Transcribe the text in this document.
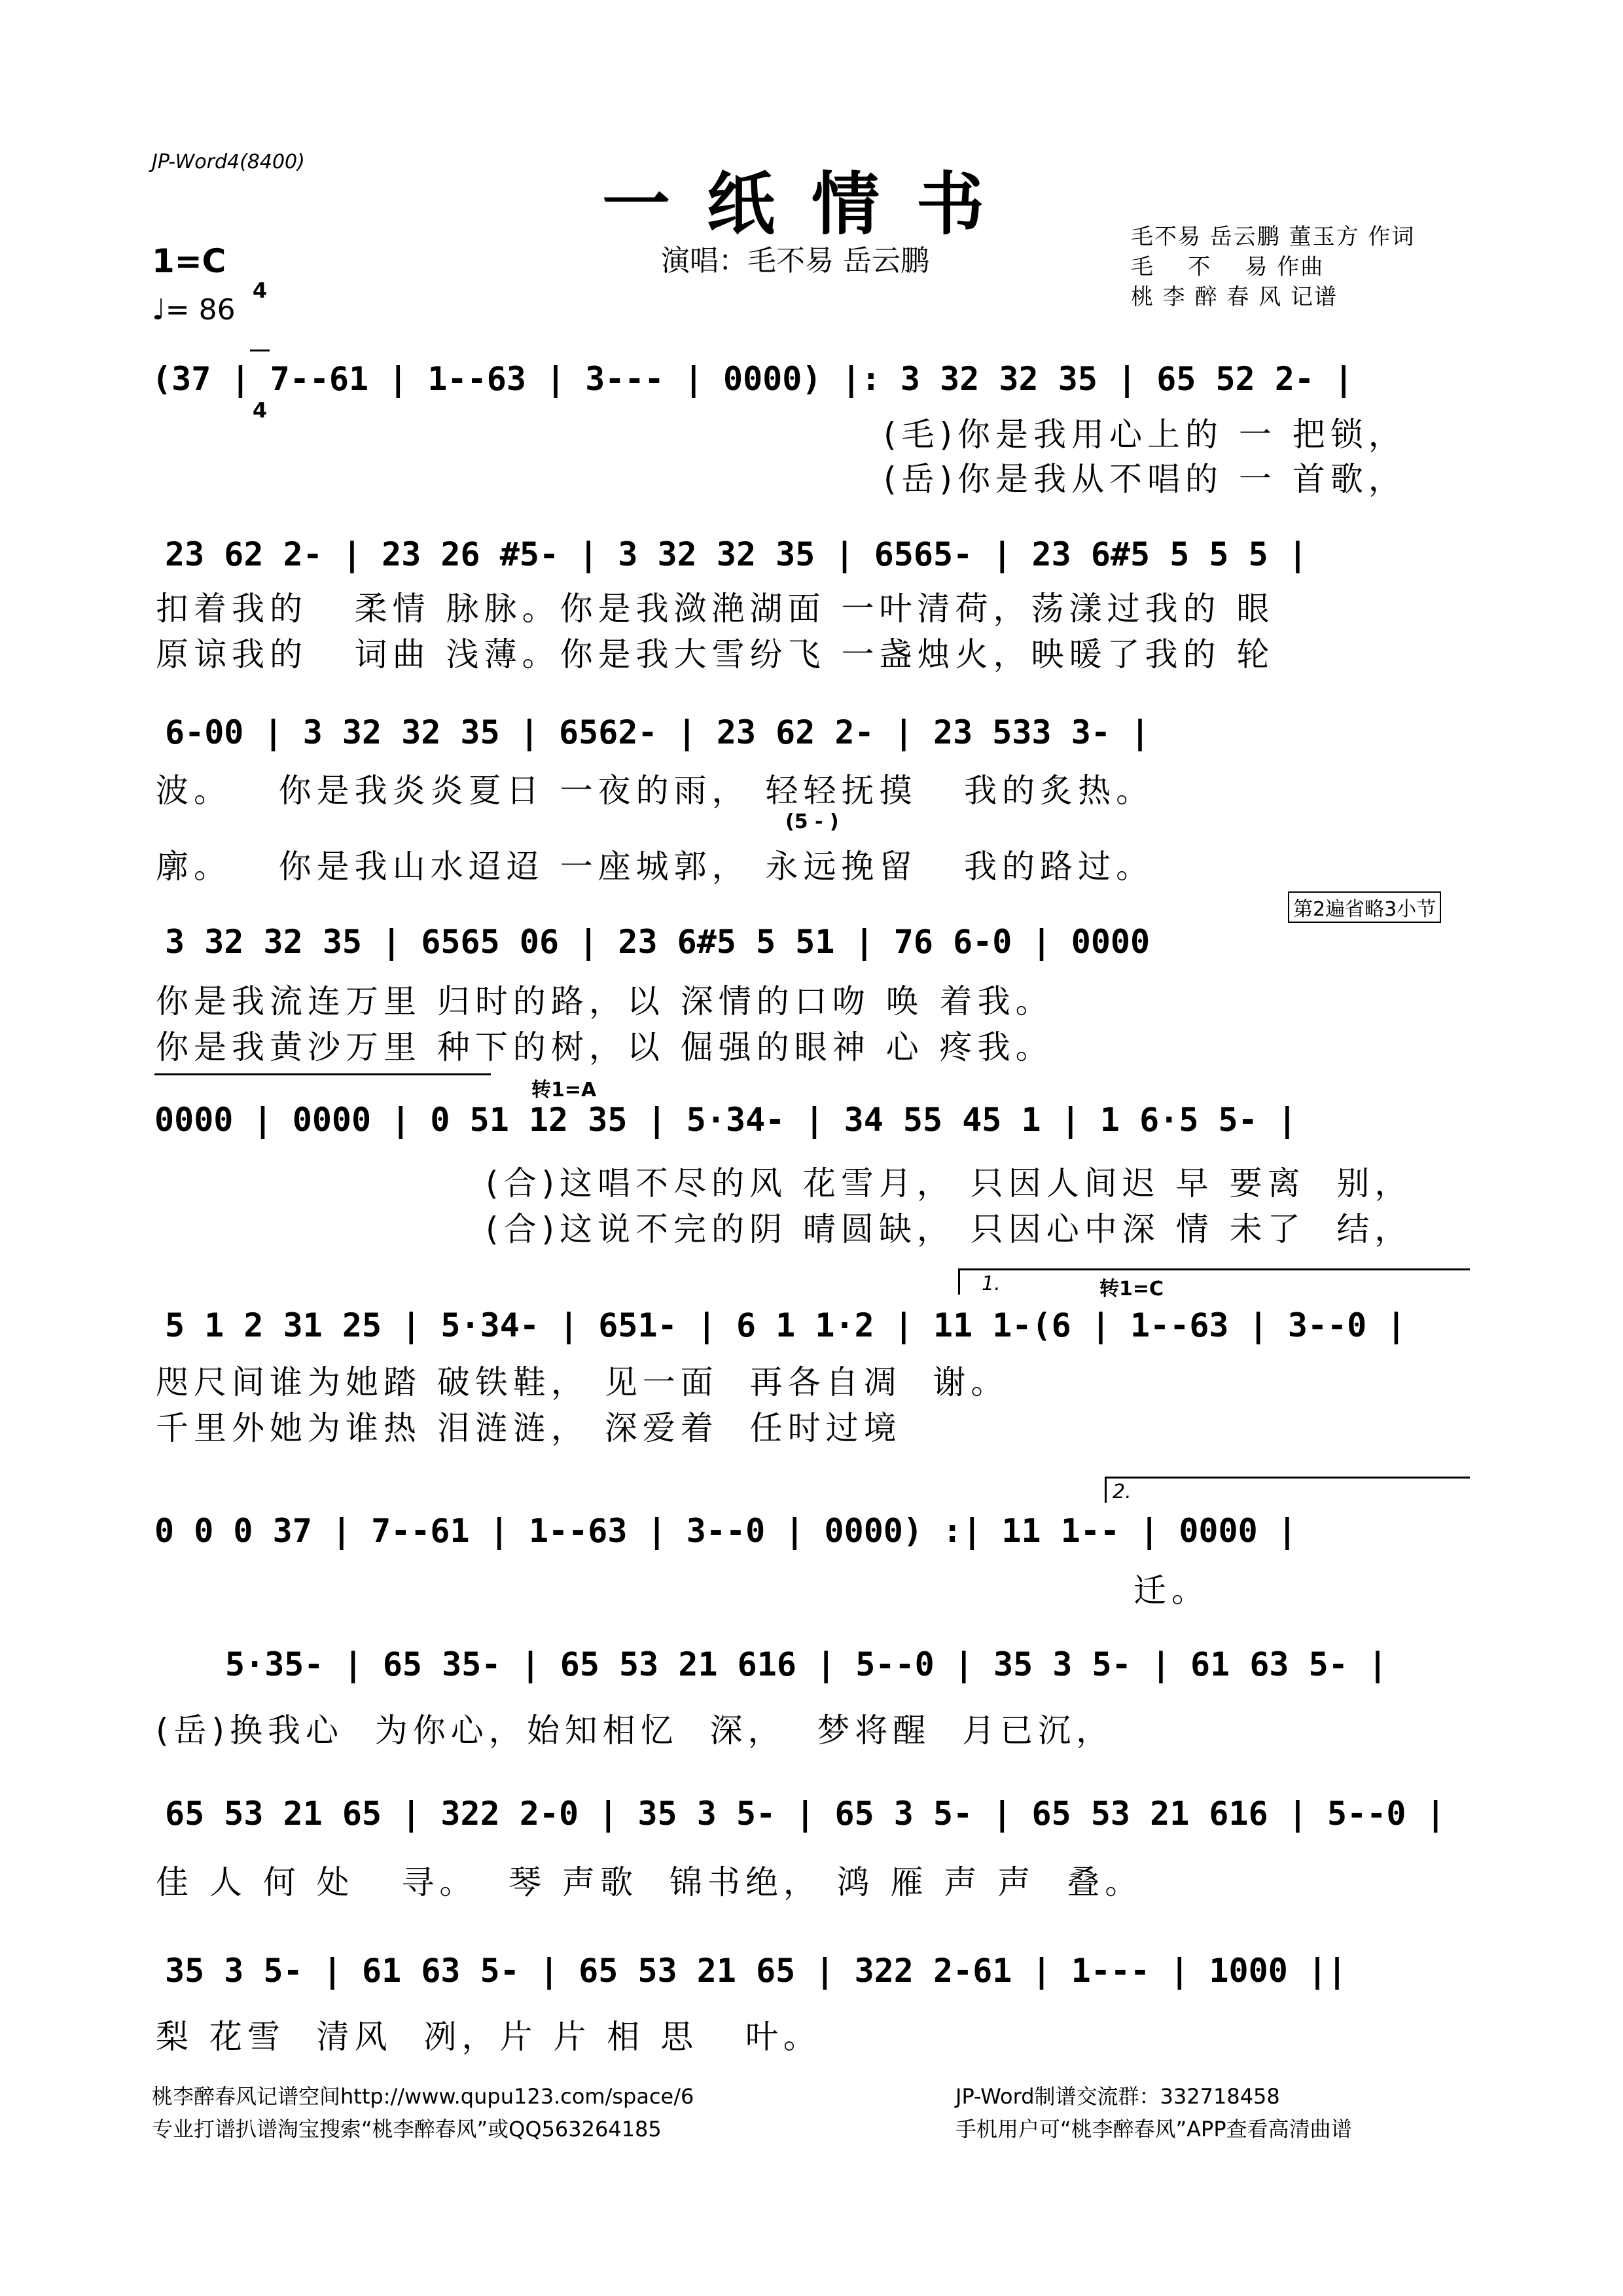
JP-Word4(8400)
一纸情书
演唱：毛不易 岳云鹏
毛不易 岳云鹏 董玉方 作词
毛    不    易 作曲
桃 李 醉 春 风 记谱
1=C

4

4

♩= 86
(37 | 7--61 | 1--63 | 3--- | 0000) |: 3 32 32 35 | 65 52 2- |
(毛)你是我用心上的 一 把锁，
(岳)你是我从不唱的 一 首歌，
23 62 2- | 23 26 #5- | 3 32 32 35 | 6565- | 23 6#5 5 5 5 |
扣着我的   柔情 脉脉。你是我潋滟湖面 一叶清荷，荡漾过我的 眼
原谅我的   词曲 浅薄。你是我大雪纷飞 一盏烛火，映暖了我的 轮
6-00 | 3 32 32 35 | 6562- | 23 62 2- | 23 533 3- |
波。   你是我炎炎夏日 一夜的雨， 轻轻抚摸   我的炙热。
(5 - )
廓。   你是我山水迢迢 一座城郭， 永远挽留   我的路过。
第2遍省略3小节
3 32 32 35 | 6565 06 | 23 6#5 5 51 | 76 6-0 | 0000
你是我流连万里 归时的路，以 深情的口吻 唤 着我。
你是我黄沙万里 种下的树，以 倔强的眼神 心 疼我。
转1=A
0000 | 0000 | 0 51 12 35 | 5·34- | 34 55 45 1 | 1 6·5 5- |
(合)这唱不尽的风 花雪月， 只因人间迟 早 要离  别，
(合)这说不完的阴 晴圆缺， 只因心中深 情 未了  结，
1.	转1=C
5 1 2 31 25 | 5·34- | 651- | 6 1 1·2 | 11 1-(6 | 1--63 | 3--0 |
咫尺间谁为她踏 破铁鞋， 见一面  再各自凋  谢。
千里外她为谁热 泪涟涟， 深爱着  任时过境
2.
0 0 0 37 | 7--61 | 1--63 | 3--0 | 0000) :| 11 1-- | 0000 |
迁。
5·35- | 65 35- | 65 53 21 616 | 5--0 | 35 3 5- | 61 63 5- |
(岳)换我心  为你心，始知相忆  深，  梦将醒  月已沉，
65 53 21 65 | 322 2-0 | 35 3 5- | 65 3 5- | 65 53 21 616 | 5--0 |
佳 人 何 处   寻。  琴 声歌  锦书绝， 鸿 雁 声 声  叠。
35 3 5- | 61 63 5- | 65 53 21 65 | 322 2-61 | 1--- | 1000 ||
梨 花雪  清风  冽，片 片 相 思   叶。
桃李醉春风记谱空间http://www.qupu123.com/space/6
专业打谱扒谱淘宝搜索“桃李醉春风”或QQ563264185
JP-Word制谱交流群：332718458
手机用户可“桃李醉春风”APP查看高清曲谱
